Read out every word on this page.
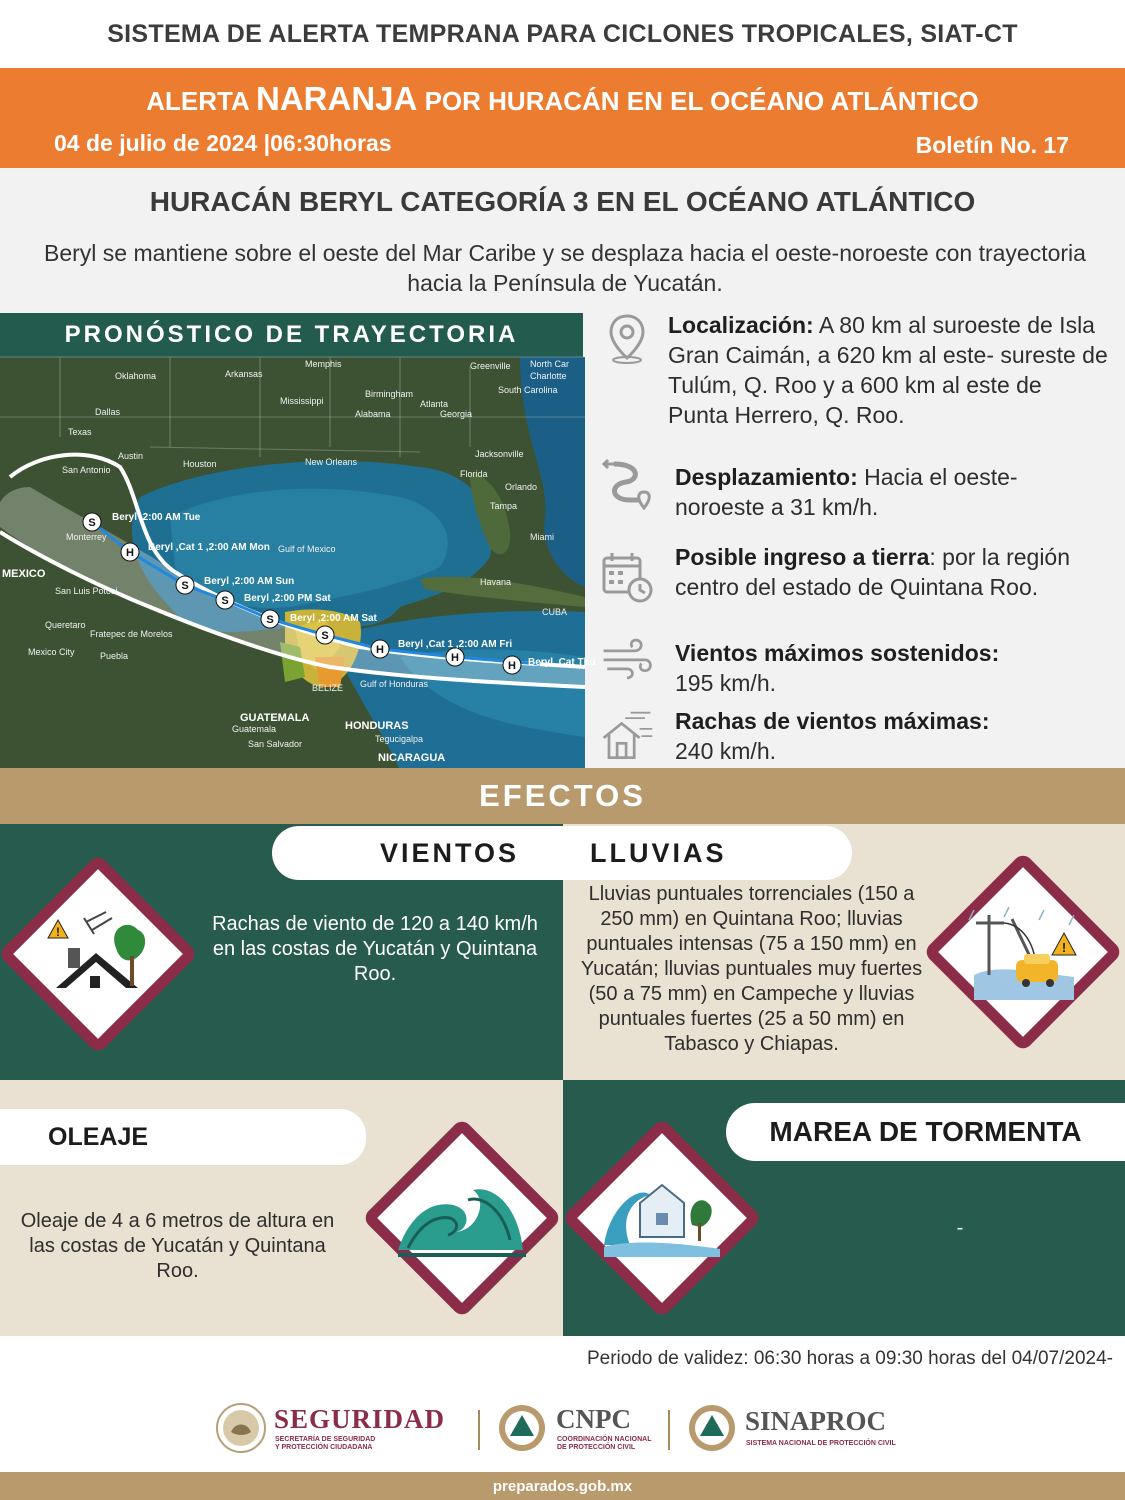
SISTEMA DE ALERTA TEMPRANA PARA CICLONES TROPICALES, SIAT-CT
ALERTA NARANJA POR HURACÁN EN EL OCÉANO ATLÁNTICO
04 de julio de 2024 |06:30horas	Boletín No. 17
HURACÁN BERYL CATEGORÍA 3 EN EL OCÉANO ATLÁNTICO
Beryl se mantiene sobre el oeste del Mar Caribe y se desplaza hacia el oeste-noroeste con trayectoria hacia la Península de Yucatán.
PRONÓSTICO DE TRAYECTORIA
S
H
S
S
S
S
H
H
H
Beryl ,2:00 AM Tue
Beryl ,Cat 1 ,2:00 AM Mon
Beryl ,2:00 AM Sun
Beryl ,2:00 PM Sat
Beryl ,2:00 AM Sat
Beryl ,Cat 1 ,2:00 AM Fri
Beryl ,Cat Thu
Oklahoma	Arkansas
Memphis
Mississippi
Birmingham
Georgia
Alabama
Texas
Austin
Houston	New Orleans
Jacksonville
Florida
Orlando
San Antonio
Miami
Monterrey
Havana
CUBA
San Luis Potosi
Queretaro
Mexico City	Puebla
Fratepec de Morelos
BELIZE
Gulf of Mexico
Gulf of Honduras
Guatemala
Tegucigalpa
San Salvador
Greenville North Car
Charlotte
South Carolina
Atlanta
Dallas
Tampa
MEXICO
GUATEMALA
HONDURAS
NICARAGUA
Localización: A 80 km al suroeste de Isla Gran Caimán, a 620 km al este- sureste de Tulúm, Q. Roo y a 600 km al este de Punta Herrero, Q. Roo.
Desplazamiento: Hacia el oeste-noroeste a 31 km/h.
Posible ingreso a tierra: por la región centro del estado de Quintana Roo.
Vientos máximos sostenidos:
195 km/h.
Rachas de vientos máximas:
240 km/h.
EFECTOS
VIENTOS	LLUVIAS
!	Rachas de viento de 120 a 140 km/h en las costas de Yucatán y Quintana Roo.
Lluvias puntuales torrenciales (150 a 250 mm) en Quintana Roo; lluvias puntuales intensas (75 a 150 mm) en Yucatán; lluvias puntuales muy fuertes (50 a 75 mm) en Campeche y lluvias puntuales fuertes (25 a 50 mm) en Tabasco y Chiapas.
!
OLEAJE
Oleaje de 4 a 6 metros de altura en las costas de Yucatán y Quintana Roo.
MAREA DE TORMENTA
-
Periodo de validez: 06:30 horas a 09:30 horas del 04/07/2024-
SEGURIDAD
SECRETARÍA DE SEGURIDAD
Y PROTECCIÓN CIUDADANA
CNPC
COORDINACIÓN NACIONAL
DE PROTECCIÓN CIVIL
SINAPROC
SISTEMA NACIONAL DE PROTECCIÓN CIVIL
preparados.gob.mx
